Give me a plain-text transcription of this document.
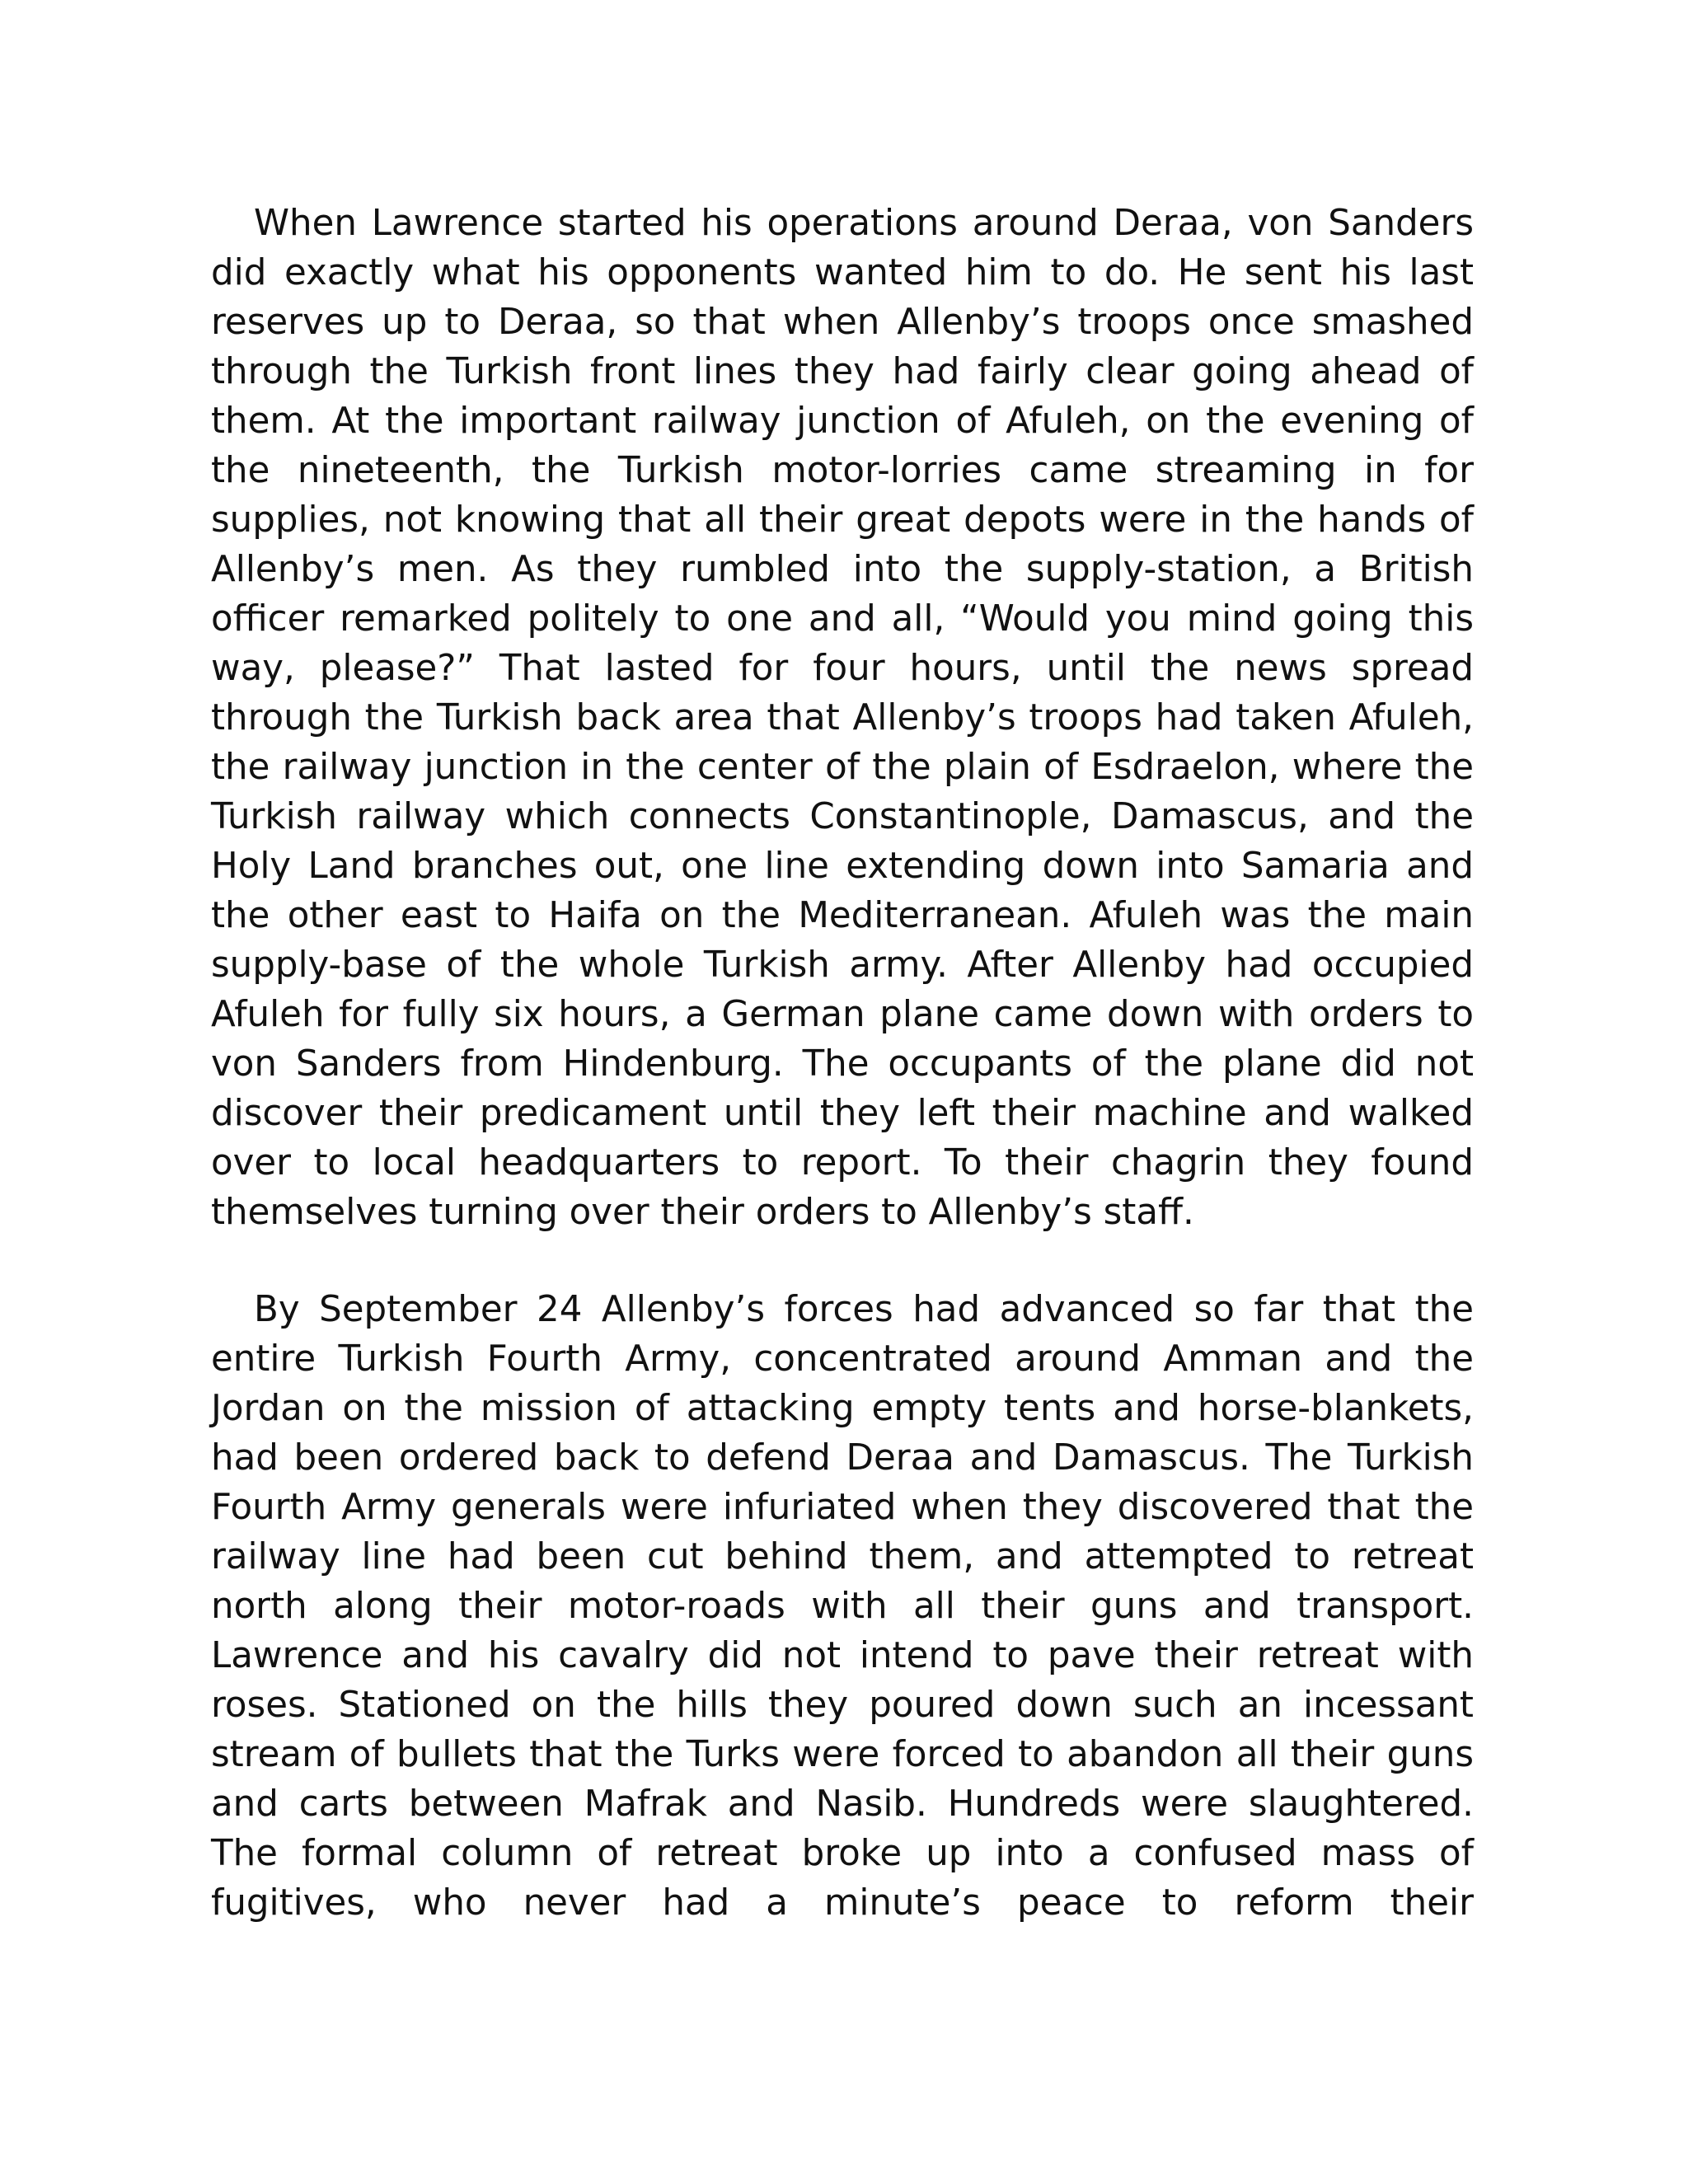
When Lawrence started his operations around Deraa, von Sanders did exactly what his opponents wanted him to do. He sent his last reserves up to Deraa, so that when Allenby’s troops once smashed through the Turkish front lines they had fairly clear going ahead of them. At the important railway junction of Afuleh, on the evening of the nineteenth, the Turkish motor-lorries came streaming in for supplies, not knowing that all their great depots were in the hands of Allenby’s men. As they rumbled into the supply-station, a British officer remarked politely to one and all, “Would you mind going this way, please?” That lasted for four hours, until the news spread through the Turkish back area that Allenby’s troops had taken Afuleh, the railway junction in the center of the plain of Esdraelon, where the Turkish railway which connects Constantinople, Damascus, and the Holy Land branches out, one line extending down into Samaria and the other east to Haifa on the Mediterranean. Afuleh was the main supply-base of the whole Turkish army. After Allenby had occupied Afuleh for fully six hours, a German plane came down with orders to von Sanders from Hindenburg. The occupants of the plane did not discover their predicament until they left their machine and walked over to local headquarters to report. To their chagrin they found themselves turning over their orders to Allenby’s staff.

By September 24 Allenby’s forces had advanced so far that the entire Turkish Fourth Army, concentrated around Amman and the Jordan on the mission of attacking empty tents and horse-blankets, had been ordered back to defend Deraa and Damascus. The Turkish Fourth Army generals were infuriated when they discovered that the railway line had been cut behind them, and attempted to retreat north along their motor-roads with all their guns and transport. Lawrence and his cavalry did not intend to pave their retreat with roses. Stationed on the hills they poured down such an incessant stream of bullets that the Turks were forced to abandon all their guns and carts between Mafrak and Nasib. Hundreds were slaughtered. The formal column of retreat broke up into a confused mass of fugitives, who never had a minute’s peace to reform their
